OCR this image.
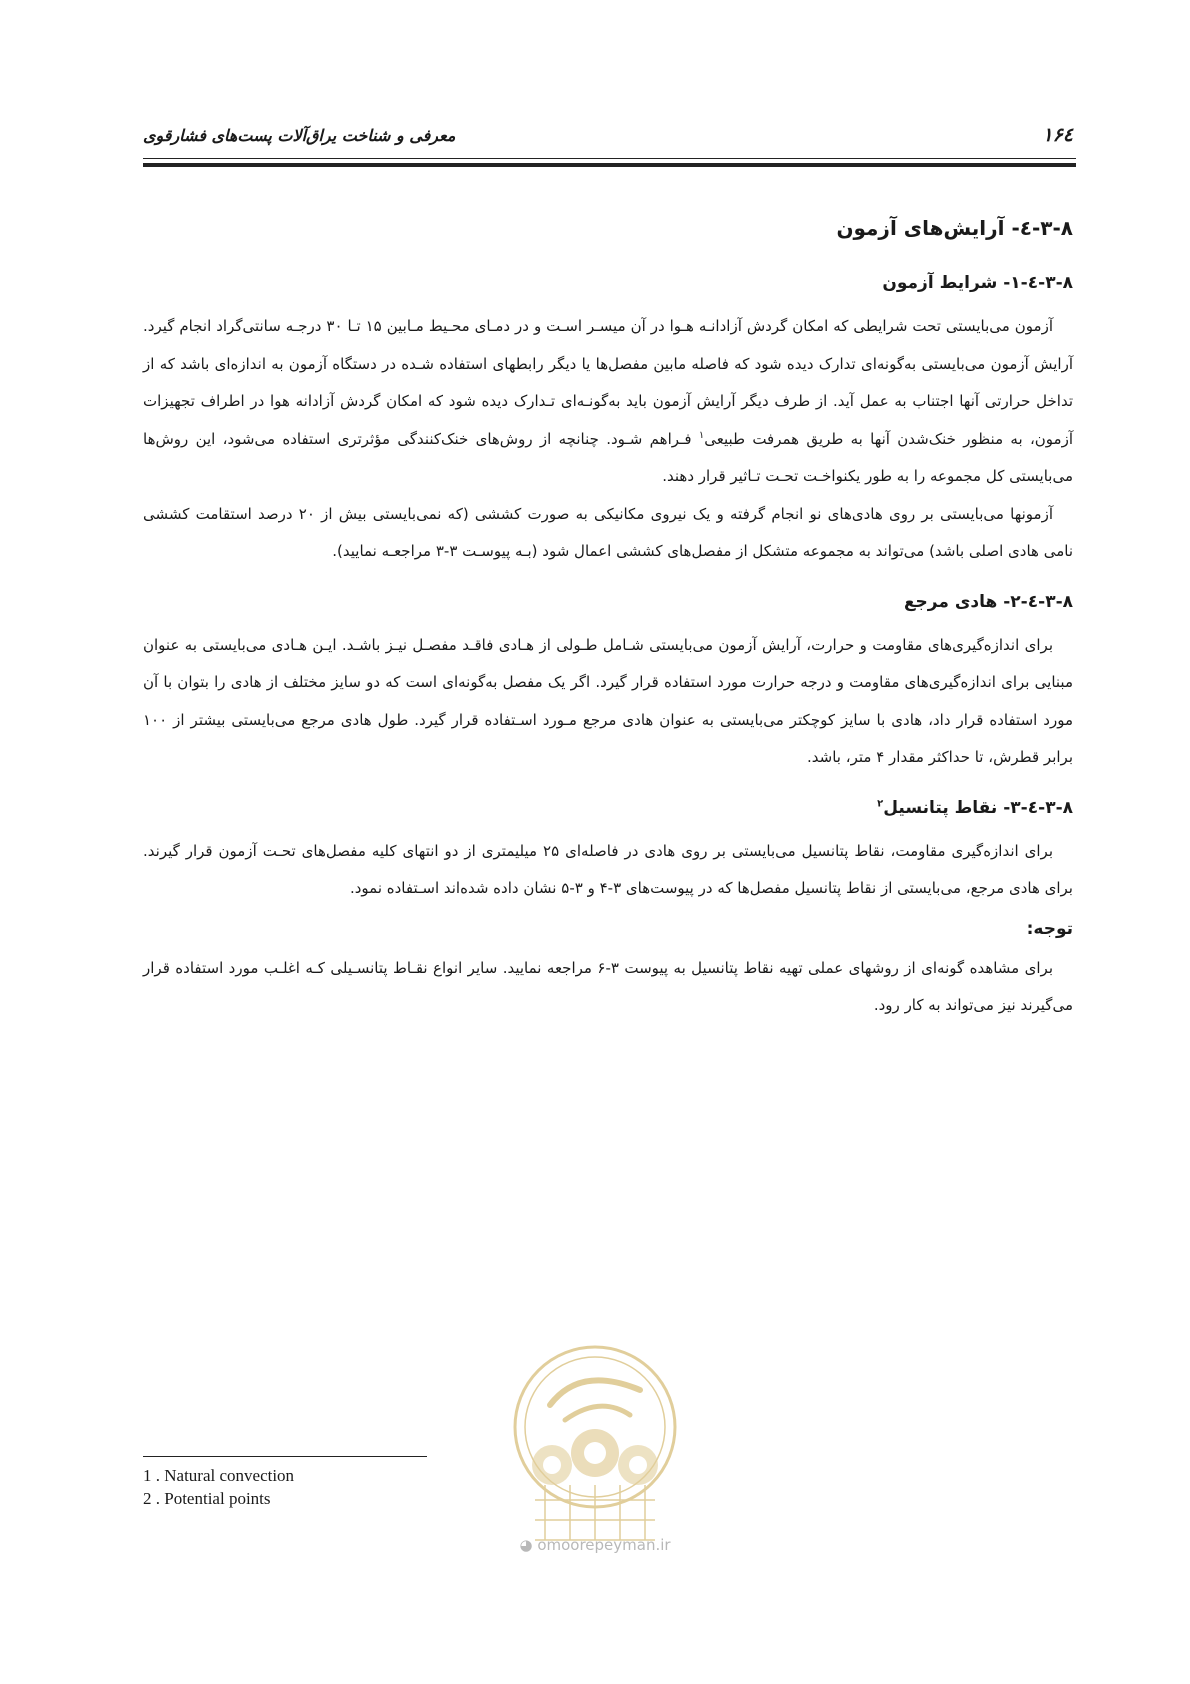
معرفی و شناخت یراق‌آلات پست‌های فشارقوی	۱۶٤
۳-۸-٤- آرایش‌های آزمون
۳-۸-٤-۱- شرایط آزمون

آزمون می‌بایستی تحت شرایطی که امکان گردش آزادانـه هـوا در آن میسـر اسـت و در دمـای محـیط مـابین ۱۵ تـا ۳۰ درجـه سانتی‌گراد انجام گیرد. آرایش آزمون می‌بایستی به‌گونه‌ای تدارک دیده شود که فاصله مابین مفصل‌ها یا دیگر رابطهای استفاده شـده در دستگاه آزمون به اندازه‌ای باشد که از تداخل حرارتی آنها اجتناب به عمل آید. از طرف دیگر آرایش آزمون باید به‌گونـه‌ای تـدارک دیده شود که امکان گردش آزادانه هوا در اطراف تجهیزات آزمون، به منظور خنک‌شدن آنها به طریق همرفت طبیعی$^۱$ فـراهم شـود. چنانچه از روش‌های خنک‌کنندگی مؤثرتری استفاده می‌شود، این روش‌ها می‌بایستی کل مجموعه را به طور یکنواخـت تحـت تـاثیر قرار دهند.

آزمونها می‌بایستی بر روی هادی‌های نو انجام گرفته و یک نیروی مکانیکی به صورت کششی (که نمی‌بایستی بیش از ۲۰ درصد استقامت کششی نامی هادی اصلی باشد) می‌تواند به مجموعه متشکل از مفصل‌های کششی اعمال شود (بـه پیوسـت ۳-۳ مراجعـه نمایید).

۳-۸-٤-۲- هادی مرجع

برای اندازه‌گیری‌های مقاومت و حرارت، آرایش آزمون می‌بایستی شـامل طـولی از هـادی فاقـد مفصـل نیـز باشـد. ایـن هـادی می‌بایستی به عنوان مبنایی برای اندازه‌گیری‌های مقاومت و درجه حرارت مورد استفاده قرار گیرد. اگر یک مفصل به‌گونه‌ای است که دو سایز مختلف از هادی را بتوان با آن مورد استفاده قرار داد، هادی با سایز کوچکتر می‌بایستی به عنوان هادی مرجع مـورد اسـتفاده قرار گیرد. طول هادی مرجع می‌بایستی بیشتر از ۱۰۰ برابر قطرش، تا حداکثر مقدار ۴ متر، باشد.

۳-۸-٤-۳- نقاط پتانسیل$^۲$

برای اندازه‌گیری مقاومت، نقاط پتانسیل می‌بایستی بر روی هادی در فاصله‌ای ۲۵ میلیمتری از دو انتهای کلیه مفصل‌های تحـت آزمون قرار گیرند. برای هادی مرجع، می‌بایستی از نقاط پتانسیل مفصل‌ها که در پیوست‌های ۳-۴ و ۳-۵ نشان داده شده‌اند اسـتفاده نمود.

توجه:

برای مشاهده گونه‌ای از روشهای عملی تهیه نقاط پتانسیل به پیوست ۳-۶ مراجعه نمایید. سایر انواع نقـاط پتانسـیلی کـه اغلـب مورد استفاده قرار می‌گیرند نیز می‌تواند به کار رود.

◕ omoorepeyman.ir
1 . Natural convection
2 . Potential points
